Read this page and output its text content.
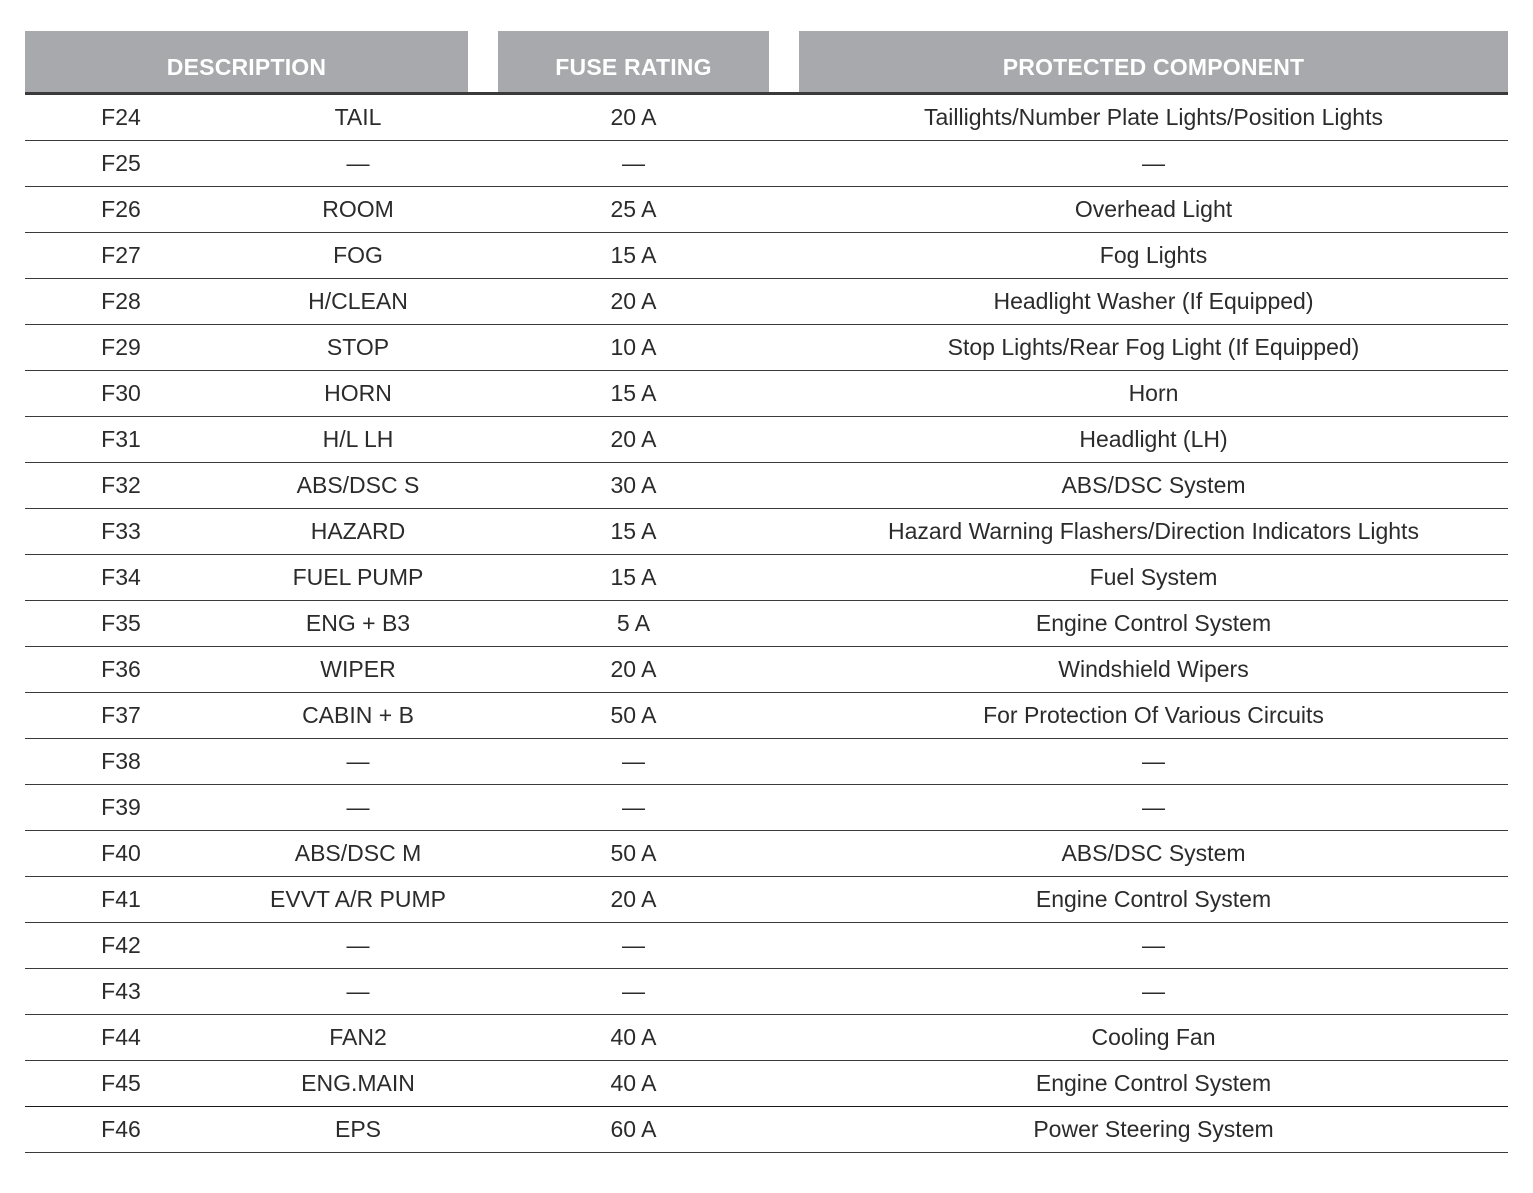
DESCRIPTION	FUSE RATING	PROTECTED COMPONENT
F24	TAIL	20 A	Taillights/Number Plate Lights/Position Lights
F25	—	—	—
F26	ROOM	25 A	Overhead Light
F27	FOG	15 A	Fog Lights
F28	H/CLEAN	20 A	Headlight Washer (If Equipped)
F29	STOP	10 A	Stop Lights/Rear Fog Light (If Equipped)
F30	HORN	15 A	Horn
F31	H/L LH	20 A	Headlight (LH)
F32	ABS/DSC S	30 A	ABS/DSC System
F33	HAZARD	15 A	Hazard Warning Flashers/Direction Indicators Lights
F34	FUEL PUMP	15 A	Fuel System
F35	ENG + B3	5 A	Engine Control System
F36	WIPER	20 A	Windshield Wipers
F37	CABIN + B	50 A	For Protection Of Various Circuits
F38	—	—	—
F39	—	—	—
F40	ABS/DSC M	50 A	ABS/DSC System
F41	EVVT A/R PUMP	20 A	Engine Control System
F42	—	—	—
F43	—	—	—
F44	FAN2	40 A	Cooling Fan
F45	ENG.MAIN	40 A	Engine Control System
F46	EPS	60 A	Power Steering System
